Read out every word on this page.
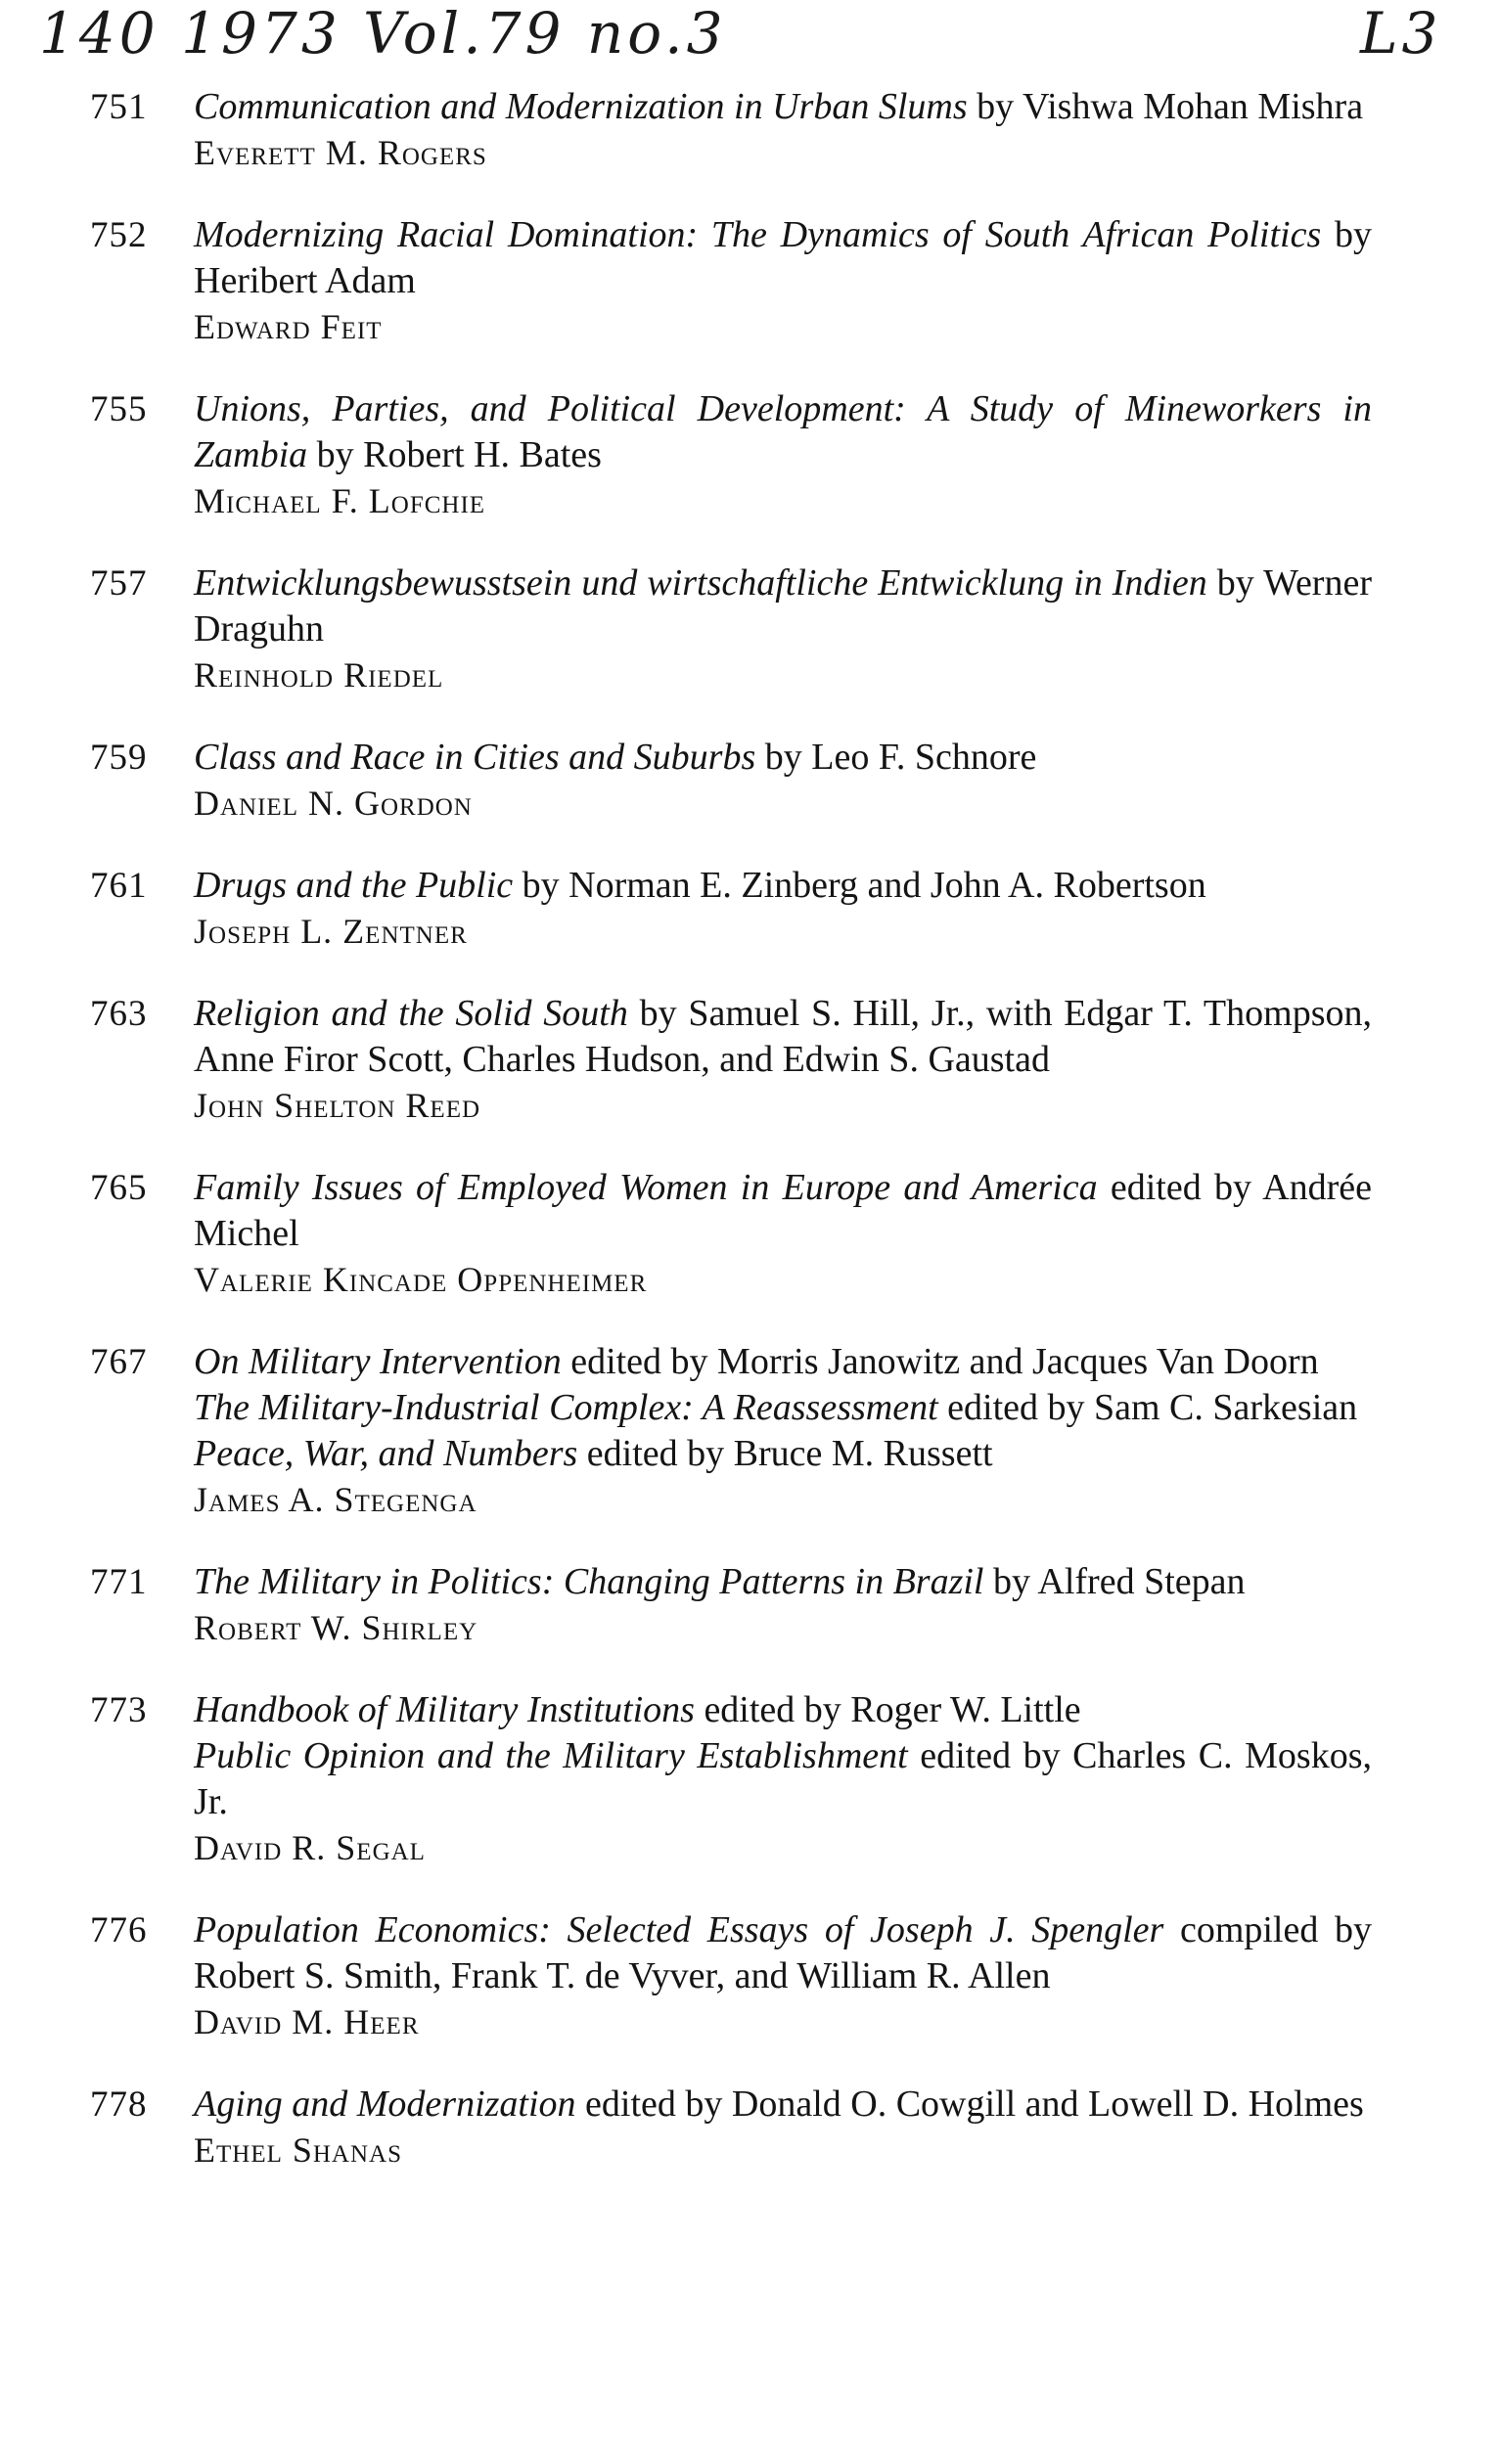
140 1973 Vol.79 no.3	L3
751	Communication and Modernization in Urban Slums by Vishwa Mohan Mishra
Everett M. Rogers
752	Modernizing Racial Domination: The Dynamics of South African Politics by Heribert Adam
Edward Feit
755	Unions, Parties, and Political Development: A Study of Mineworkers in Zambia by Robert H. Bates
Michael F. Lofchie
757	Entwicklungsbewusstsein und wirtschaftliche Entwicklung in Indien by Werner Draguhn
Reinhold Riedel
759	Class and Race in Cities and Suburbs by Leo F. Schnore
Daniel N. Gordon
761	Drugs and the Public by Norman E. Zinberg and John A. Robertson
Joseph L. Zentner
763	Religion and the Solid South by Samuel S. Hill, Jr., with Edgar T. Thompson, Anne Firor Scott, Charles Hudson, and Edwin S. Gaustad
John Shelton Reed
765	Family Issues of Employed Women in Europe and America edited by Andrée Michel
Valerie Kincade Oppenheimer
767	On Military Intervention edited by Morris Janowitz and Jacques Van Doorn
The Military-Industrial Complex: A Reassessment edited by Sam C. Sarkesian
Peace, War, and Numbers edited by Bruce M. Russett
James A. Stegenga
771	The Military in Politics: Changing Patterns in Brazil by Alfred Stepan
Robert W. Shirley
773	Handbook of Military Institutions edited by Roger W. Little
Public Opinion and the Military Establishment edited by Charles C. Moskos, Jr.
David R. Segal
776	Population Economics: Selected Essays of Joseph J. Spengler compiled by Robert S. Smith, Frank T. de Vyver, and William R. Allen
David M. Heer
778	Aging and Modernization edited by Donald O. Cowgill and Lowell D. Holmes
Ethel Shanas
